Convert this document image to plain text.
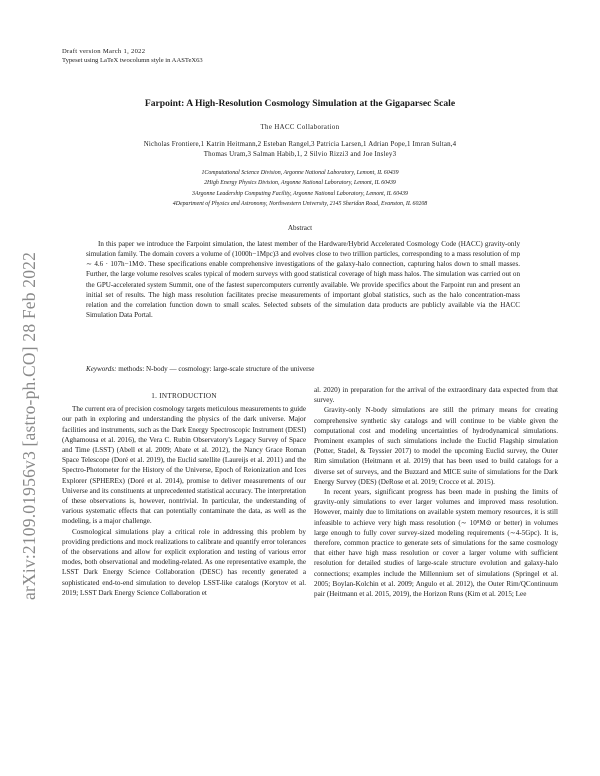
Draft version March 1, 2022
Typeset using LaTeX twocolumn style in AASTeX63
Farpoint: A High-Resolution Cosmology Simulation at the Gigaparsec Scale
The HACC Collaboration
Nicholas Frontiere,1 Katrin Heitmann,2 Esteban Rangel,3 Patricia Larsen,1 Adrian Pope,1 Imran Sultan,4
Thomas Uram,3 Salman Habib,1, 2 Silvio Rizzi3 and Joe Insley3
1Computational Science Division, Argonne National Laboratory, Lemont, IL 60439
2High Energy Physics Division, Argonne National Laboratory, Lemont, IL 60439
3Argonne Leadership Computing Facility, Argonne National Laboratory, Lemont, IL 60439
4Department of Physics and Astronomy, Northwestern University, 2145 Sheridan Road, Evanston, IL 60208
Abstract
In this paper we introduce the Farpoint simulation, the latest member of the Hardware/Hybrid Accelerated Cosmology Code (HACC) gravity-only simulation family. The domain covers a volume of (1000h−1Mpc)3 and evolves close to two trillion particles, corresponding to a mass resolution of mp ∼ 4.6 · 107h−1M⊙. These specifications enable comprehensive investigations of the galaxy-halo connection, capturing halos down to small masses. Further, the large volume resolves scales typical of modern surveys with good statistical coverage of high mass halos. The simulation was carried out on the GPU-accelerated system Summit, one of the fastest supercomputers currently available. We provide specifics about the Farpoint run and present an initial set of results. The high mass resolution facilitates precise measurements of important global statistics, such as the halo concentration-mass relation and the correlation function down to small scales. Selected subsets of the simulation data products are publicly available via the HACC Simulation Data Portal.
Keywords: methods: N-body — cosmology: large-scale structure of the universe
arXiv:2109.01956v3 [astro-ph.CO] 28 Feb 2022	1. INTRODUCTION

The current era of precision cosmology targets meticulous measurements to guide our path in exploring and understanding the physics of the dark universe. Major facilities and instruments, such as the Dark Energy Spectroscopic Instrument (DESI) (Aghamousa et al. 2016), the Vera C. Rubin Observatory's Legacy Survey of Space and Time (LSST) (Abell et al. 2009; Abate et al. 2012), the Nancy Grace Roman Space Telescope (Doré et al. 2019), the Euclid satellite (Laureijs et al. 2011) and the Spectro-Photometer for the History of the Universe, Epoch of Reionization and Ices Explorer (SPHEREx) (Doré et al. 2014), promise to deliver measurements of our Universe and its constituents at unprecedented statistical accuracy. The interpretation of these observations is, however, nontrivial. In particular, the understanding of various systematic effects that can potentially contaminate the data, as well as the modeling, is a major challenge.

Cosmological simulations play a critical role in addressing this problem by providing predictions and mock realizations to calibrate and quantify error tolerances of the observations and allow for explicit exploration and testing of various error modes, both observational and modeling-related. As one representative example, the LSST Dark Energy Science Collaboration (DESC) has recently generated a sophisticated end-to-end simulation to develop LSST-like catalogs (Korytov et al. 2019; LSST Dark Energy Science Collaboration et

al. 2020) in preparation for the arrival of the extraordinary data expected from that survey.

Gravity-only N-body simulations are still the primary means for creating comprehensive synthetic sky catalogs and will continue to be viable given the computational cost and modeling uncertainties of hydrodynamical simulations. Prominent examples of such simulations include the Euclid Flagship simulation (Potter, Stadel, & Teyssier 2017) to model the upcoming Euclid survey, the Outer Rim simulation (Heitmann et al. 2019) that has been used to build catalogs for a diverse set of surveys, and the Buzzard and MICE suite of simulations for the Dark Energy Survey (DES) (DeRose et al. 2019; Crocce et al. 2015).

In recent years, significant progress has been made in pushing the limits of gravity-only simulations to ever larger volumes and improved mass resolution. However, mainly due to limitations on available system memory resources, it is still infeasible to achieve very high mass resolution (∼ 10⁸M⊙ or better) in volumes large enough to fully cover survey-sized modeling requirements (∼4-5Gpc). It is, therefore, common practice to generate sets of simulations for the same cosmology that either have high mass resolution or cover a larger volume with sufficient resolution for detailed studies of large-scale structure evolution and galaxy-halo connections; examples include the Millennium set of simulations (Springel et al. 2005; Boylan-Kolchin et al. 2009; Angulo et al. 2012), the Outer Rim/QContinuum pair (Heitmann et al. 2015, 2019), the Horizon Runs (Kim et al. 2015; Lee
